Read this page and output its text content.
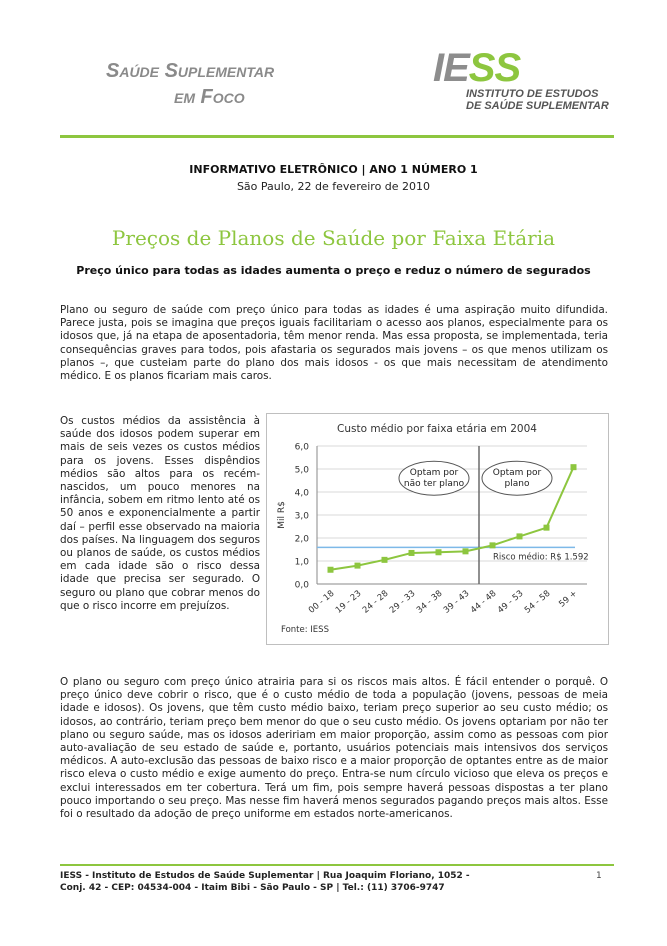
Saúde Suplementar
em Foco
IESS
INSTITUTO DE ESTUDOS
DE SAÚDE SUPLEMENTAR
INFORMATIVO ELETRÔNICO | ANO 1 NÚMERO 1
São Paulo, 22 de fevereiro de 2010
Preços de Planos de Saúde por Faixa Etária
Preço único para todas as idades aumenta o preço e reduz o número de segurados
Plano ou seguro de saúde com preço único para todas as idades é uma aspiração muito difundida. Parece justa, pois se imagina que preços iguais facilitariam o acesso aos planos, especialmente para os idosos que, já na etapa de aposentadoria, têm menor renda. Mas essa proposta, se implementada, teria consequências graves para todos, pois afastaria os segurados mais jovens – os que menos utilizam os planos –, que custeiam parte do plano dos mais idosos - os que mais necessitam de atendimento médico. E os planos ficariam mais caros.
Os custos médios da assistência à saúde dos idosos podem superar em mais de seis vezes os custos médios para os jovens. Esses dispêndios médios são altos para os recém-nascidos, um pouco menores na infância, sobem em ritmo lento até os 50 anos e exponencialmente a partir daí – perfil esse observado na maioria dos países. Na linguagem dos seguros ou planos de saúde, os custos médios em cada idade são o risco dessa idade que precisa ser segurado. O seguro ou plano que cobrar menos do que o risco incorre em prejuízos.
Custo médio por faixa etária em 2004
0,0
1,0
2,0
3,0
4,0
5,0
6,0
Mil R$
00 - 18
19 - 23
24 - 28
29 - 33
34 - 38
39 - 43
44 - 48
49 - 53
54 - 58 59 +
Risco médio: R$ 1.592
Optam por
não ter plano
Optam por
plano
Fonte: IESS
O plano ou seguro com preço único atrairia para si os riscos mais altos. É fácil entender o porquê. O preço único deve cobrir o risco, que é o custo médio de toda a população (jovens, pessoas de meia idade e idosos). Os jovens, que têm custo médio baixo, teriam preço superior ao seu custo médio; os idosos, ao contrário, teriam preço bem menor do que o seu custo médio. Os jovens optariam por não ter plano ou seguro saúde, mas os idosos adeririam em maior proporção, assim como as pessoas com pior auto-avaliação de seu estado de saúde e, portanto, usuários potenciais mais intensivos dos serviços médicos. A auto-exclusão das pessoas de baixo risco e a maior proporção de optantes entre as de maior risco eleva o custo médio e exige aumento do preço. Entra-se num círculo vicioso que eleva os preços e exclui interessados em ter cobertura. Terá um fim, pois sempre haverá pessoas dispostas a ter plano pouco importando o seu preço. Mas nesse fim haverá menos segurados pagando preços mais altos. Esse foi o resultado da adoção de preço uniforme em estados norte-americanos.
IESS - Instituto de Estudos de Saúde Suplementar | Rua Joaquim Floriano, 1052 -
Conj. 42 - CEP: 04534-004 - Itaim Bibi - São Paulo - SP | Tel.: (11) 3706-9747
1
